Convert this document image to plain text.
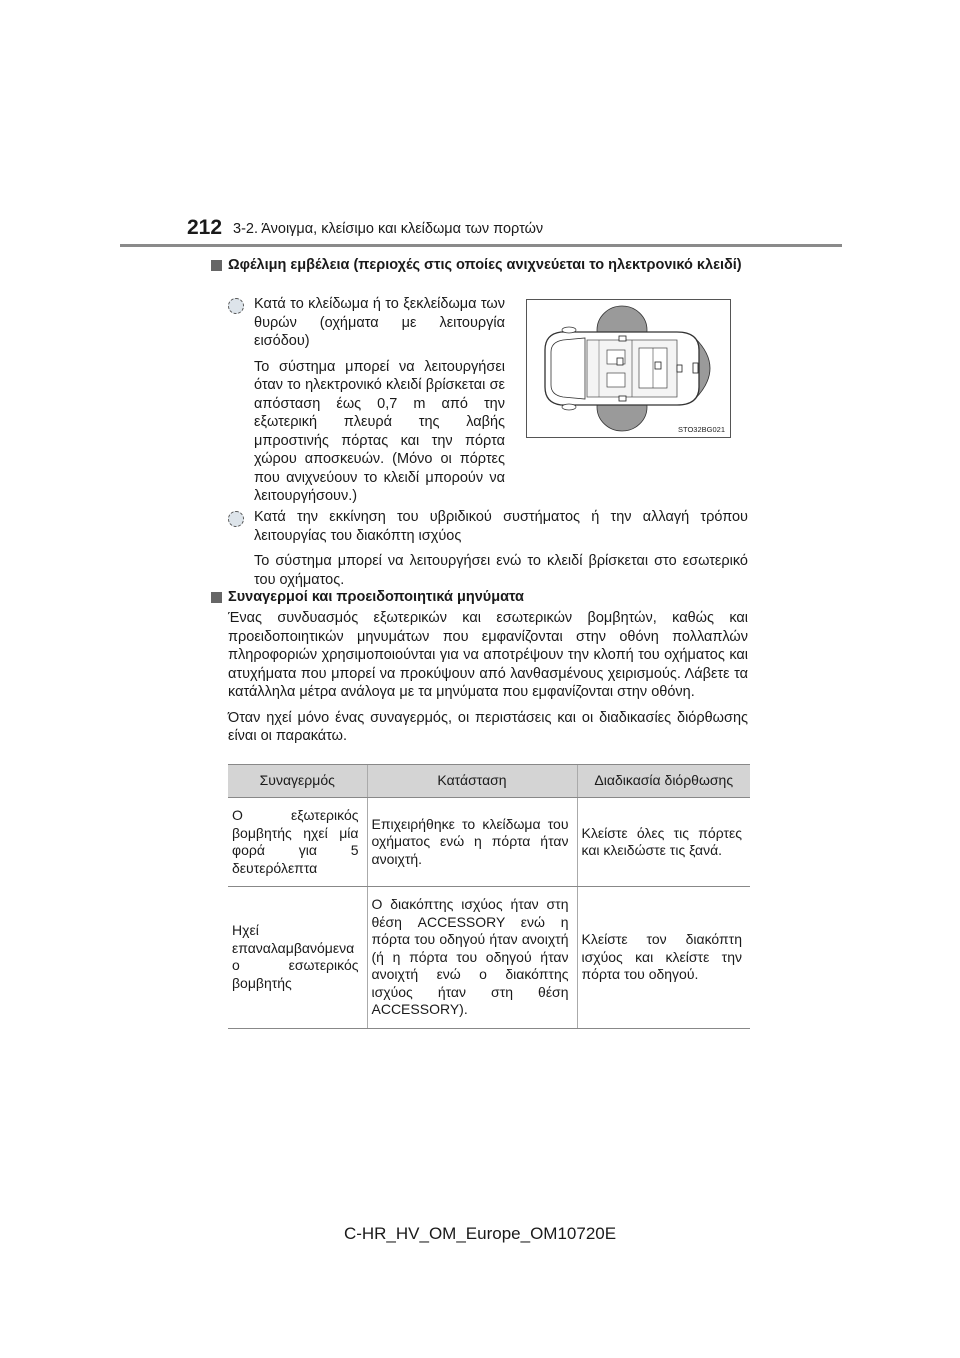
212 3-2. Άνοιγμα, κλείσιμο και κλείδωμα των πορτών
Ωφέλιμη εμβέλεια (περιοχές στις οποίες ανιχνεύεται το ηλεκτρονικό κλειδί)

Κατά το κλείδωμα ή το ξεκλείδωμα των θυρών (οχήματα με λειτουργία εισόδου)

Το σύστημα μπορεί να λειτουργήσει όταν το ηλεκτρονικό κλειδί βρίσκεται σε απόσταση έως 0,7 m από την εξωτερική πλευρά της λαβής μπροστινής πόρτας και την πόρτα χώρου αποσκευών. (Μόνο οι πόρτες που ανιχνεύουν το κλειδί μπορούν να λειτουργήσουν.)

STO32BG021

Κατά την εκκίνηση του υβριδικού συστήματος ή την αλλαγή τρόπου λειτουργίας του διακόπτη ισχύος

Το σύστημα μπορεί να λειτουργήσει ενώ το κλειδί βρίσκεται στο εσωτερικό του οχήματος.

Συναγερμοί και προειδοποιητικά μηνύματα

Ένας συνδυασμός εξωτερικών και εσωτερικών βομβητών, καθώς και προειδοποιητικών μηνυμάτων που εμφανίζονται στην οθόνη πολλαπλών πληροφοριών χρησιμοποιούνται για να αποτρέψουν την κλοπή του οχήματος και ατυχήματα που μπορεί να προκύψουν από λανθασμένους χειρισμούς. Λάβετε τα κατάλληλα μέτρα ανάλογα με τα μηνύματα που εμφανίζονται στην οθόνη.

Όταν ηχεί μόνο ένας συναγερμός, οι περιστάσεις και οι διαδικασίες διόρθωσης είναι οι παρακάτω.

Συναγερμός	Κατάσταση	Διαδικασία διόρθωσης
Ο εξωτερικός βομβητής ηχεί μία φορά για 5 δευτερόλεπτα	Επιχειρήθηκε το κλείδωμα του οχήματος ενώ η πόρτα ήταν ανοιχτή.	Κλείστε όλες τις πόρτες και κλειδώστε τις ξανά.
Ηχεί επαναλαμβανόμενα ο εσωτερικός βομβητής	Ο διακόπτης ισχύος ήταν στη θέση ACCESSORY ενώ η πόρτα του οδηγού ήταν ανοιχτή (ή η πόρτα του οδηγού ήταν ανοιχτή ενώ ο διακόπτης ισχύος ήταν στη θέση ACCESSORY).	Κλείστε τον διακόπτη ισχύος και κλείστε την πόρτα του οδηγού.
C-HR_HV_OM_Europe_OM10720E
